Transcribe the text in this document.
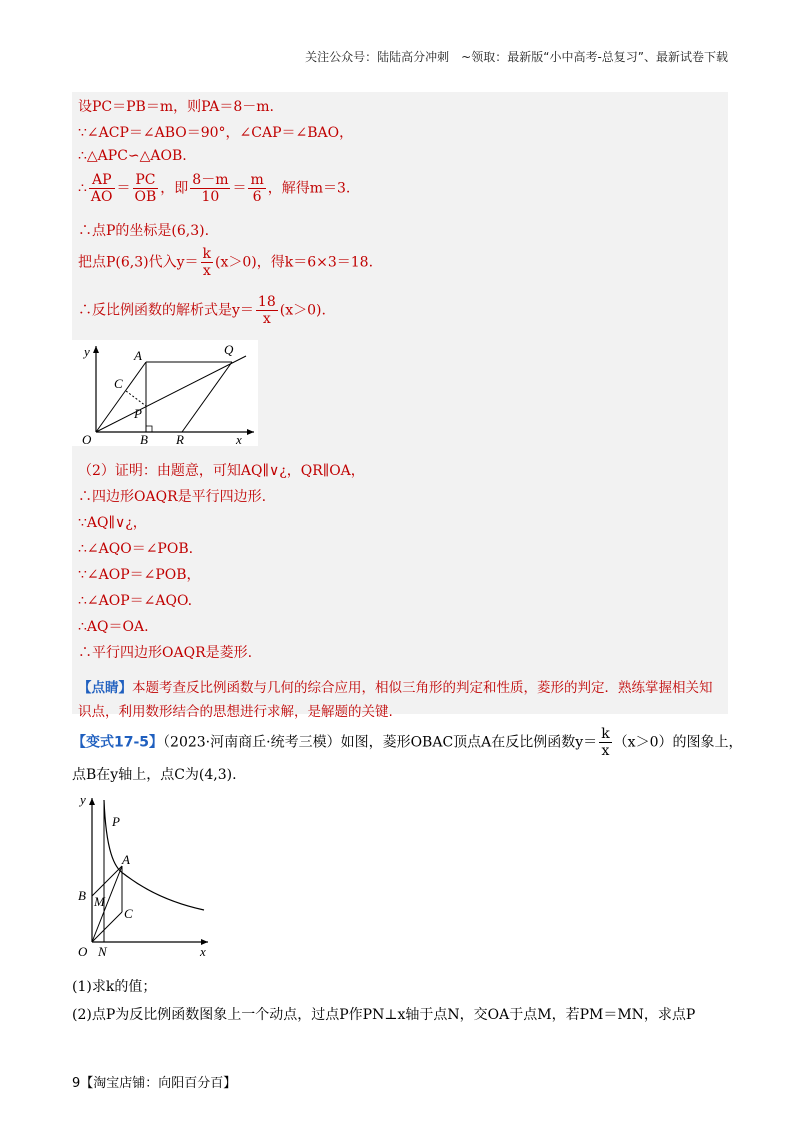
关注公众号：陆陆高分冲刺　~领取：最新版“小中高考-总复习”、最新试卷下载
设PC＝PB＝m，则PA＝8－m.
∵∠ACP＝∠ABO＝90°，∠CAP＝∠BAO，
∴△APC∽△AOB.
∴ $\frac{AP}{AO} = \frac{PC}{OB}$ ，即 $\frac{8-m}{10} = \frac{m}{6}$ ，解得m＝3.
∴点P的坐标是(6,3).
把点P(6,3)代入$y= \frac{k}{x} (x>0)$，得k＝6×3＝18.
∴反比例函数的解析式是$y= \frac{18}{x} (x>0)$.
y	A	Q
C
P
O	B R	x
（2）证明：由题意，可知AQ∥∨¿，QR∥OA，
∴四边形OAQR是平行四边形.
∵AQ∥∨¿，
∴∠AQO＝∠POB.
∵∠AOP＝∠POB，
∴∠AOP＝∠AQO.
∴AQ＝OA.
∴平行四边形OAQR是菱形.
【点睛】本题考查反比例函数与几何的综合应用，相似三角形的判定和性质，菱形的判定．熟练掌握相关知识点，利用数形结合的思想进行求解，是解题的关键.
【变式17-5】（2023·河南商丘·统考三模）如图，菱形OBAC顶点A在反比例函数$y= \frac{k}{x} (x>0)$的图象上，
点B在y轴上，点C为(4,3).
y
P
A
B M
C
O N	x
(1)求k的值；
(2)点P为反比例函数图象上一个动点，过点P作PN⊥x轴于点N，交OA于点M，若PM＝MN，求点P
9【淘宝店铺：向阳百分百】
